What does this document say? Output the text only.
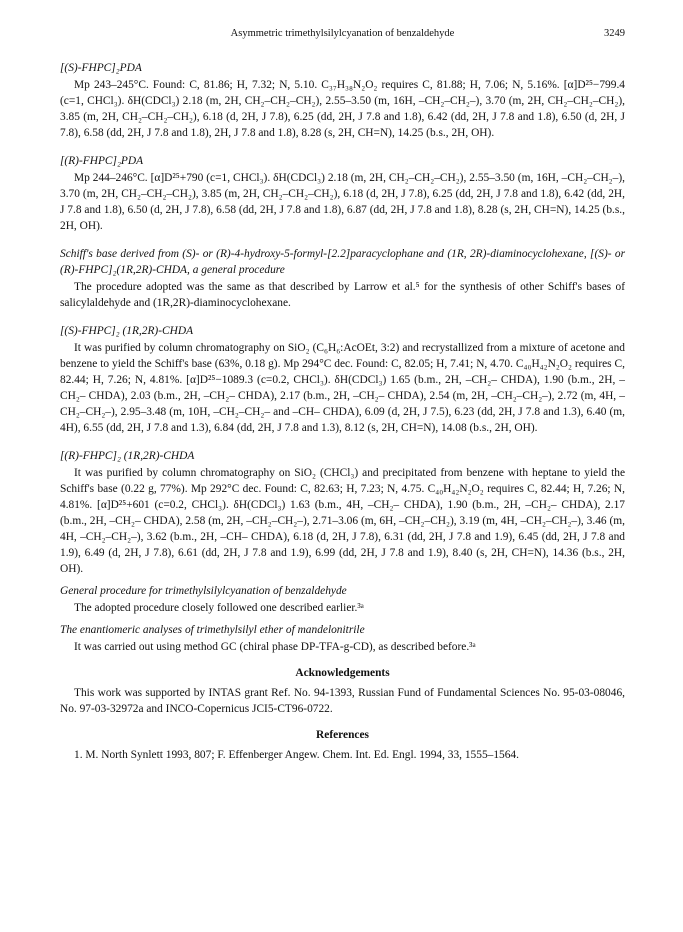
Asymmetric trimethylsilylcyanation of benzaldehyde	3249
[(S)-FHPC]₂PDA

Mp 243–245°C. Found: C, 81.86; H, 7.32; N, 5.10. C₃₇H₃₈N₂O₂ requires C, 81.88; H, 7.06; N, 5.16%. [α]D²⁵−799.4 (c=1, CHCl₃). δH(CDCl₃) 2.18 (m, 2H, CH₂–CH₂–CH₂), 2.55–3.50 (m, 16H, –CH₂–CH₂–), 3.70 (m, 2H, CH₂–CH₂–CH₂), 3.85 (m, 2H, CH₂–CH₂–CH₂), 6.18 (d, 2H, J 7.8), 6.25 (dd, 2H, J 7.8 and 1.8), 6.42 (dd, 2H, J 7.8 and 1.8), 6.50 (d, 2H, J 7.8), 6.58 (dd, 2H, J 7.8 and 1.8), 2H, J 7.8 and 1.8), 8.28 (s, 2H, CH=N), 14.25 (b.s., 2H, OH).

[(R)-FHPC]₂PDA

Mp 244–246°C. [α]D²⁵+790 (c=1, CHCl₃). δH(CDCl₃) 2.18 (m, 2H, CH₂–CH₂–CH₂), 2.55–3.50 (m, 16H, –CH₂–CH₂–), 3.70 (m, 2H, CH₂–CH₂–CH₂), 3.85 (m, 2H, CH₂–CH₂–CH₂), 6.18 (d, 2H, J 7.8), 6.25 (dd, 2H, J 7.8 and 1.8), 6.42 (dd, 2H, J 7.8 and 1.8), 6.50 (d, 2H, J 7.8), 6.58 (dd, 2H, J 7.8 and 1.8), 6.87 (dd, 2H, J 7.8 and 1.8), 8.28 (s, 2H, CH=N), 14.25 (b.s., 2H, OH).

Schiff's base derived from (S)- or (R)-4-hydroxy-5-formyl-[2.2]paracyclophane and (1R, 2R)-diaminocyclohexane, [(S)- or (R)-FHPC]₂(1R,2R)-CHDA, a general procedure

The procedure adopted was the same as that described by Larrow et al.⁵ for the synthesis of other Schiff's bases of salicylaldehyde and (1R,2R)-diaminocyclohexane.

[(S)-FHPC]₂ (1R,2R)-CHDA

It was purified by column chromatography on SiO₂ (C₆H₆:AcOEt, 3:2) and recrystallized from a mixture of acetone and benzene to yield the Schiff's base (63%, 0.18 g). Mp 294°C dec. Found: C, 82.05; H, 7.41; N, 4.70. C₄₀H₄₂N₂O₂ requires C, 82.44; H, 7.26; N, 4.81%. [α]D²⁵−1089.3 (c=0.2, CHCl₃). δH(CDCl₃) 1.65 (b.m., 2H, –CH₂– CHDA), 1.90 (b.m., 2H, –CH₂– CHDA), 2.03 (b.m., 2H, –CH₂– CHDA), 2.17 (b.m., 2H, –CH₂– CHDA), 2.54 (m, 2H, –CH₂–CH₂–), 2.72 (m, 4H, –CH₂–CH₂–), 2.95–3.48 (m, 10H, –CH₂–CH₂– and –CH– CHDA), 6.09 (d, 2H, J 7.5), 6.23 (dd, 2H, J 7.8 and 1.3), 6.40 (m, 4H), 6.55 (dd, 2H, J 7.8 and 1.3), 6.84 (dd, 2H, J 7.8 and 1.3), 8.12 (s, 2H, CH=N), 14.08 (b.s., 2H, OH).

[(R)-FHPC]₂ (1R,2R)-CHDA

It was purified by column chromatography on SiO₂ (CHCl₃) and precipitated from benzene with heptane to yield the Schiff's base (0.22 g, 77%). Mp 292°C dec. Found: C, 82.63; H, 7.23; N, 4.75. C₄₀H₄₂N₂O₂ requires C, 82.44; H, 7.26; N, 4.81%. [α]D²⁵+601 (c=0.2, CHCl₃). δH(CDCl₃) 1.63 (b.m., 4H, –CH₂– CHDA), 1.90 (b.m., 2H, –CH₂– CHDA), 2.17 (b.m., 2H, –CH₂– CHDA), 2.58 (m, 2H, –CH₂–CH₂–), 2.71–3.06 (m, 6H, –CH₂–CH₂), 3.19 (m, 4H, –CH₂–CH₂–), 3.46 (m, 4H, –CH₂–CH₂–), 3.62 (b.m., 2H, –CH– CHDA), 6.18 (d, 2H, J 7.8), 6.31 (dd, 2H, J 7.8 and 1.9), 6.45 (dd, 2H, J 7.8 and 1.9), 6.49 (d, 2H, J 7.8), 6.61 (dd, 2H, J 7.8 and 1.9), 6.99 (dd, 2H, J 7.8 and 1.9), 8.40 (s, 2H, CH=N), 14.36 (b.s., 2H, OH).

General procedure for trimethylsilylcyanation of benzaldehyde

The adopted procedure closely followed one described earlier.³ᵃ

The enantiomeric analyses of trimethylsilyl ether of mandelonitrile

It was carried out using method GC (chiral phase DP-TFA-g-CD), as described before.³ᵃ

Acknowledgements

This work was supported by INTAS grant Ref. No. 94-1393, Russian Fund of Fundamental Sciences No. 95-03-08046, No. 97-03-32972a and INCO-Copernicus JCI5-CT96-0722.

References

1. M. North Synlett 1993, 807; F. Effenberger Angew. Chem. Int. Ed. Engl. 1994, 33, 1555–1564.
